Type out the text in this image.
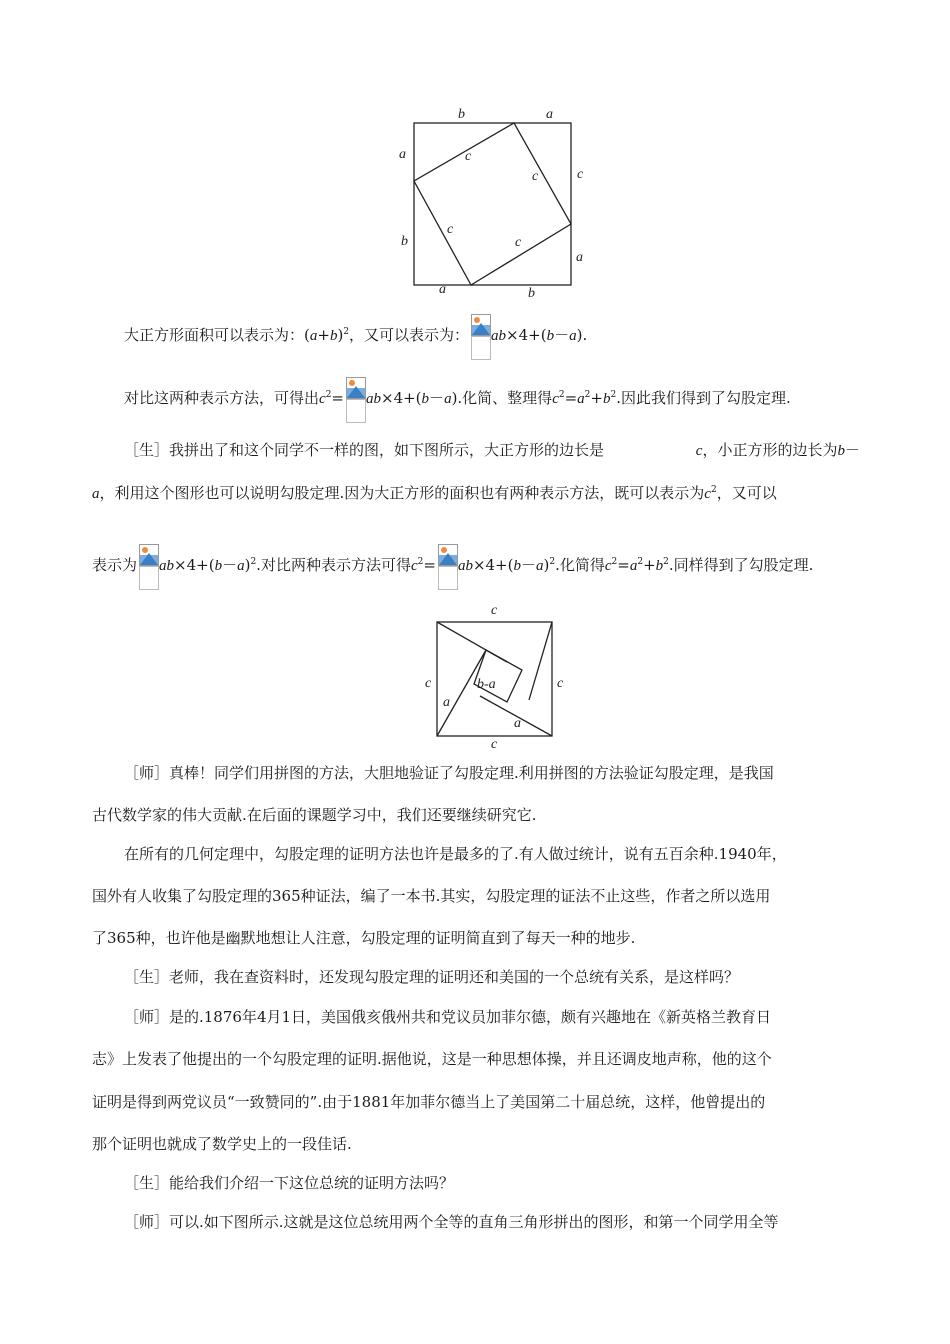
b	a
a
b
c
a
a	b
c
c
c
c
大正方形面积可以表示为：$(a+b)^2$，又可以表示为： ab×4+(b－a).
对比这两种表示方法，可得出$c^2= ab\times 4+(b-a)$.化简、整理得$c^2=a^2+b^2$.因此我们得到了勾股定理.
［生］我拼出了和这个同学不一样的图，如下图所示，大正方形的边长是	c，小正方形的边长为b－
a，利用这个图形也可以说明勾股定理.因为大正方形的面积也有两种表示方法，既可以表示为c2，又可以
表示为 $ab\times 4+(b-a)^2$.对比两种表示方法可得$c^2= ab\times 4+(b-a)^2$.化简得$c^2=a^2+b^2$.同样得到了勾股定理.
c
c	c
c
a
a
b-a
［师］真棒！同学们用拼图的方法，大胆地验证了勾股定理.利用拼图的方法验证勾股定理，是我国
古代数学家的伟大贡献.在后面的课题学习中，我们还要继续研究它.
在所有的几何定理中，勾股定理的证明方法也许是最多的了.有人做过统计，说有五百余种.1940年，
国外有人收集了勾股定理的365种证法，编了一本书.其实，勾股定理的证法不止这些，作者之所以选用
了365种，也许他是幽默地想让人注意，勾股定理的证明简直到了每天一种的地步.
［生］老师，我在查资料时，还发现勾股定理的证明还和美国的一个总统有关系，是这样吗？
［师］是的.1876年4月1日，美国俄亥俄州共和党议员加菲尔德，颇有兴趣地在《新英格兰教育日
志》上发表了他提出的一个勾股定理的证明.据他说，这是一种思想体操，并且还调皮地声称，他的这个
证明是得到两党议员“一致赞同的”.由于1881年加菲尔德当上了美国第二十届总统，这样，他曾提出的
那个证明也就成了数学史上的一段佳话.
［生］能给我们介绍一下这位总统的证明方法吗？
［师］可以.如下图所示.这就是这位总统用两个全等的直角三角形拼出的图形，和第一个同学用全等
